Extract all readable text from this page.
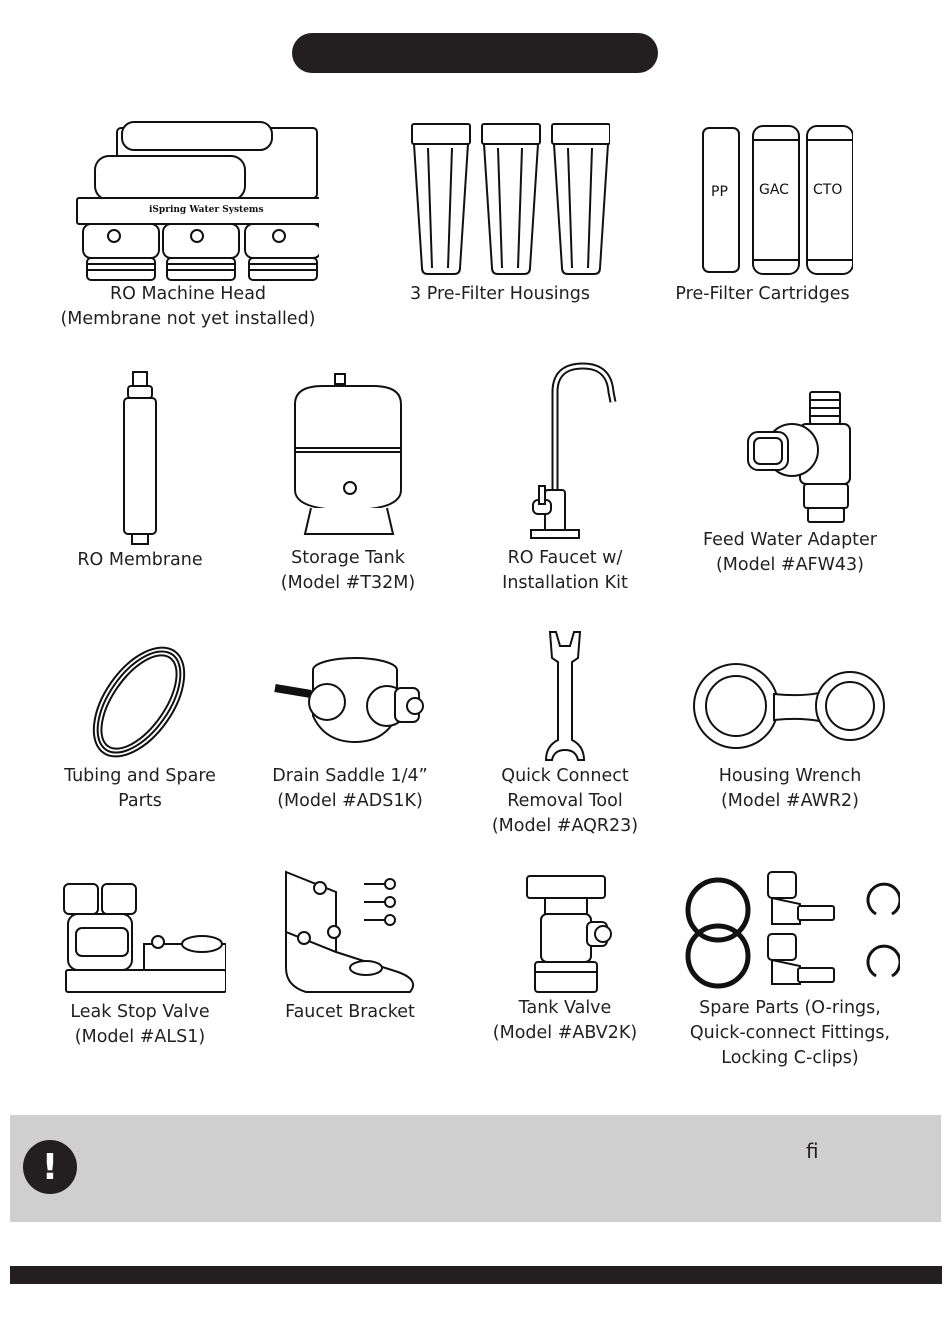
iSpring Water Systems
RO Machine Head
(Membrane not yet installed)
3 Pre-Filter Housings
PP GAC CTO
Pre-Filter Cartridges
RO Membrane	Storage Tank
(Model #T32M)
RO Faucet w/
Installation Kit
Feed Water Adapter
(Model #AFW43)
Tubing and Spare
Parts
Drain Saddle 1/4”
(Model #ADS1K)
Quick Connect
Removal Tool
(Model #AQR23)
Housing Wrench
(Model #AWR2)
Leak Stop Valve
(Model #ALS1)
Faucet Bracket	Tank Valve
(Model #ABV2K)
Spare Parts (O-rings,
Quick-connect Fittings,
Locking C-clips)
!	ﬁ
